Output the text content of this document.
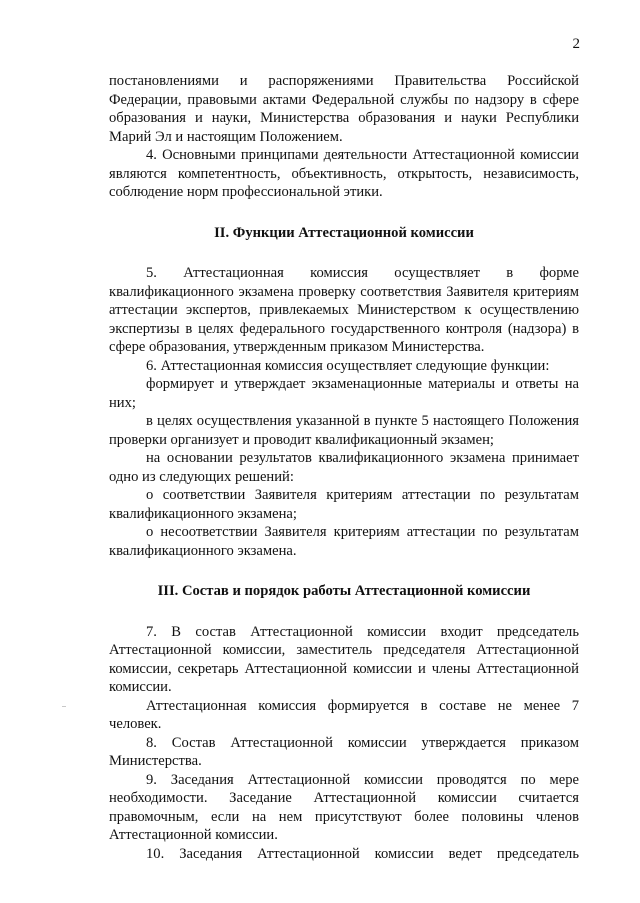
2

постановлениями и распоряжениями Правительства Российской Федерации, правовыми актами Федеральной службы по надзору в сфере образования и науки, Министерства образования и науки Республики Марий Эл и настоящим Положением.

4. Основными принципами деятельности Аттестационной комиссии являются компетентность, объективность, открытость, независимость, соблюдение норм профессиональной этики.

II. Функции Аттестационной комиссии

5. Аттестационная комиссия осуществляет в форме квалификационного экзамена проверку соответствия Заявителя критериям аттестации экспертов, привлекаемых Министерством к осуществлению экспертизы в целях федерального государственного контроля (надзора) в сфере образования, утвержденным приказом Министерства.

6. Аттестационная комиссия осуществляет следующие функции:

формирует и утверждает экзаменационные материалы и ответы на них;

в целях осуществления указанной в пункте 5 настоящего Положения проверки организует и проводит квалификационный экзамен;

на основании результатов квалификационного экзамена принимает одно из следующих решений:

о соответствии Заявителя критериям аттестации по результатам квалификационного экзамена;

о несоответствии Заявителя критериям аттестации по результатам квалификационного экзамена.

III. Состав и порядок работы Аттестационной комиссии

7. В состав Аттестационной комиссии входит председатель Аттестационной комиссии, заместитель председателя Аттестационной комиссии, секретарь Аттестационной комиссии и члены Аттестационной комиссии.

Аттестационная комиссия формируется в составе не менее 7 человек.

8. Состав Аттестационной комиссии утверждается приказом Министерства.

9. Заседания Аттестационной комиссии проводятся по мере необходимости. Заседание Аттестационной комиссии считается правомочным, если на нем присутствуют более половины членов Аттестационной комиссии.

10. Заседания Аттестационной комиссии ведет председатель
